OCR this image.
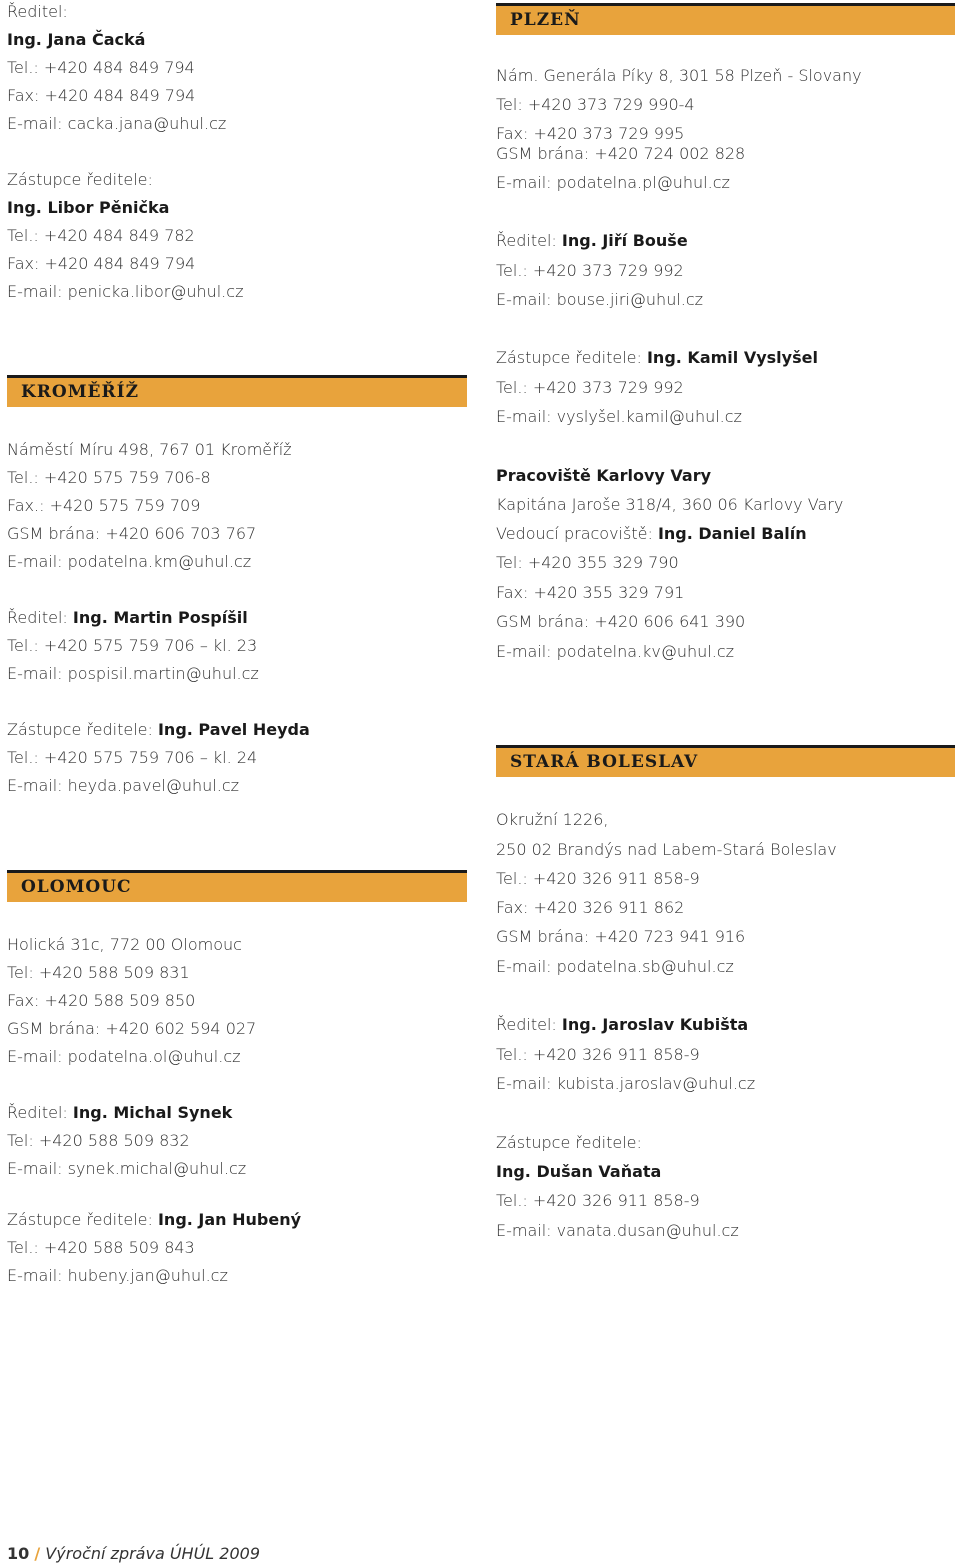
Ředitel:
Ing. Jana Čacká
Tel.: +420 484 849 794
Fax: +420 484 849 794
E-mail: cacka.jana@uhul.cz
Zástupce ředitele:
Ing. Libor Pěnička
Tel.: +420 484 849 782
Fax: +420 484 849 794
E-mail: penicka.libor@uhul.cz
KROMĚŘÍŽ
Náměstí Míru 498, 767 01 Kroměříž
Tel.: +420 575 759 706-8
Fax.: +420 575 759 709
GSM brána: +420 606 703 767
E-mail: podatelna.km@uhul.cz
Ředitel: Ing. Martin Pospíšil
Tel.: +420 575 759 706 – kl. 23
E-mail: pospisil.martin@uhul.cz
Zástupce ředitele: Ing. Pavel Heyda
Tel.: +420 575 759 706 – kl. 24
E-mail: heyda.pavel@uhul.cz
OLOMOUC
Holická 31c, 772 00 Olomouc
Tel: +420 588 509 831
Fax: +420 588 509 850
GSM brána: +420 602 594 027
E-mail: podatelna.ol@uhul.cz
Ředitel: Ing. Michal Synek
Tel: +420 588 509 832
E-mail: synek.michal@uhul.cz
Zástupce ředitele: Ing. Jan Hubený
Tel.: +420 588 509 843
E-mail: hubeny.jan@uhul.cz
PLZEŇ
Nám. Generála Píky 8, 301 58 Plzeň - Slovany
Tel: +420 373 729 990-4
Fax: +420 373 729 995
GSM brána: +420 724 002 828
E-mail: podatelna.pl@uhul.cz
Ředitel: Ing. Jiří Bouše
Tel.: +420 373 729 992
E-mail: bouse.jiri@uhul.cz
Zástupce ředitele: Ing. Kamil Vyslyšel
Tel.: +420 373 729 992
E-mail: vyslyšel.kamil@uhul.cz
Pracoviště Karlovy Vary
Kapitána Jaroše 318/4, 360 06 Karlovy Vary
Vedoucí pracoviště: Ing. Daniel Balín
Tel: +420 355 329 790
Fax: +420 355 329 791
GSM brána: +420 606 641 390
E-mail: podatelna.kv@uhul.cz
STARÁ BOLESLAV
Okružní 1226,
250 02 Brandýs nad Labem-Stará Boleslav
Tel.: +420 326 911 858-9
Fax: +420 326 911 862
GSM brána: +420 723 941 916
E-mail: podatelna.sb@uhul.cz
Ředitel: Ing. Jaroslav Kubišta
Tel.: +420 326 911 858-9
E-mail: kubista.jaroslav@uhul.cz
Zástupce ředitele:
Ing. Dušan Vaňata
Tel.: +420 326 911 858-9
E-mail: vanata.dusan@uhul.cz
10 / Výroční zpráva ÚHÚL 2009
